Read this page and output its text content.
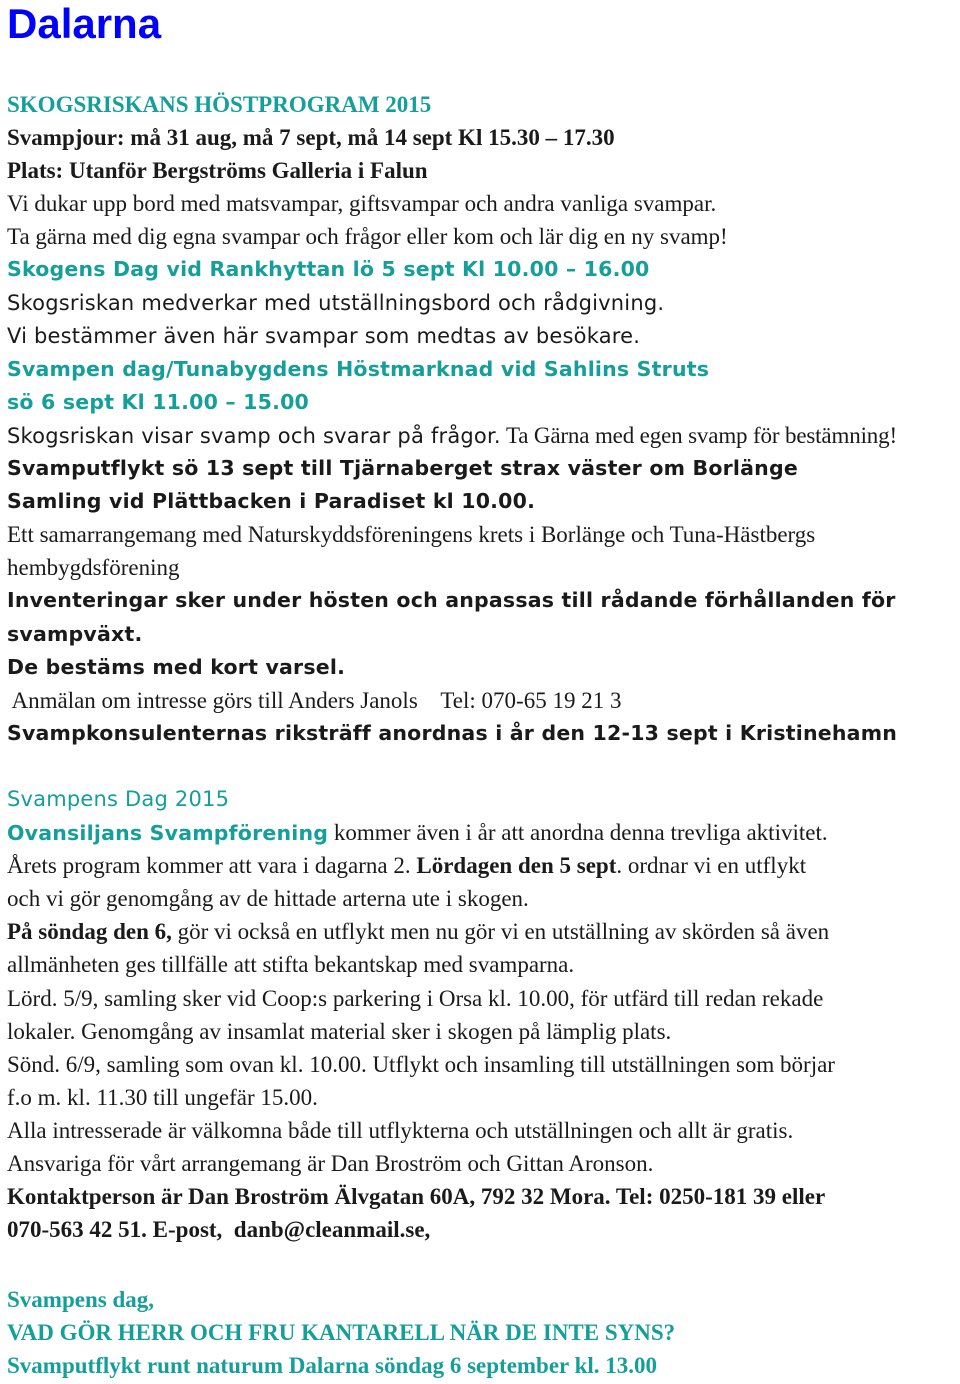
Dalarna
SKOGSRISKANS HÖSTPROGRAM 2015
Svampjour: må 31 aug, må 7 sept, må 14 sept Kl 15.30 – 17.30
Plats: Utanför Bergströms Galleria i Falun
Vi dukar upp bord med matsvampar, giftsvampar och andra vanliga svampar.
Ta gärna med dig egna svampar och frågor eller kom och lär dig en ny svamp!
Skogens Dag vid Rankhyttan lö 5 sept Kl 10.00 – 16.00
Skogsriskan medverkar med utställningsbord och rådgivning.
Vi bestämmer även här svampar som medtas av besökare.
Svampen dag/Tunabygdens Höstmarknad vid Sahlins Struts
sö 6 sept Kl 11.00 – 15.00
Skogsriskan visar svamp och svarar på frågor. Ta Gärna med egen svamp för bestämning!
Svamputflykt sö 13 sept till Tjärnaberget strax väster om Borlänge
Samling vid Plättbacken i Paradiset kl 10.00.
Ett samarrangemang med Naturskyddsföreningens krets i Borlänge och Tuna-Hästbergs
hembygdsförening
Inventeringar sker under hösten och anpassas till rådande förhållanden för
svampväxt.
De bestäms med kort varsel.
Anmälan om intresse görs till Anders Janols    Tel: 070-65 19 21 3
Svampkonsulenternas riksträff anordnas i år den 12-13 sept i Kristinehamn
Svampens Dag 2015
Ovansiljans Svampförening kommer även i år att anordna denna trevliga aktivitet.
Årets program kommer att vara i dagarna 2. Lördagen den 5 sept. ordnar vi en utflykt
och vi gör genomgång av de hittade arterna ute i skogen.
På söndag den 6, gör vi också en utflykt men nu gör vi en utställning av skörden så även
allmänheten ges tillfälle att stifta bekantskap med svamparna.
Lörd. 5/9, samling sker vid Coop:s parkering i Orsa kl. 10.00, för utfärd till redan rekade
lokaler. Genomgång av insamlat material sker i skogen på lämplig plats.
Sönd. 6/9, samling som ovan kl. 10.00. Utflykt och insamling till utställningen som börjar
f.o m. kl. 11.30 till ungefär 15.00.
Alla intresserade är välkomna både till utflykterna och utställningen och allt är gratis.
Ansvariga för vårt arrangemang är Dan Broström och Gittan Aronson.
Kontaktperson är Dan Broström Älvgatan 60A, 792 32 Mora. Tel: 0250-181 39 eller
070-563 42 51. E-post,  danb@cleanmail.se,
Svampens dag,
VAD GÖR HERR OCH FRU KANTARELL NÄR DE INTE SYNS?
Svamputflykt runt naturum Dalarna söndag 6 september kl. 13.00
